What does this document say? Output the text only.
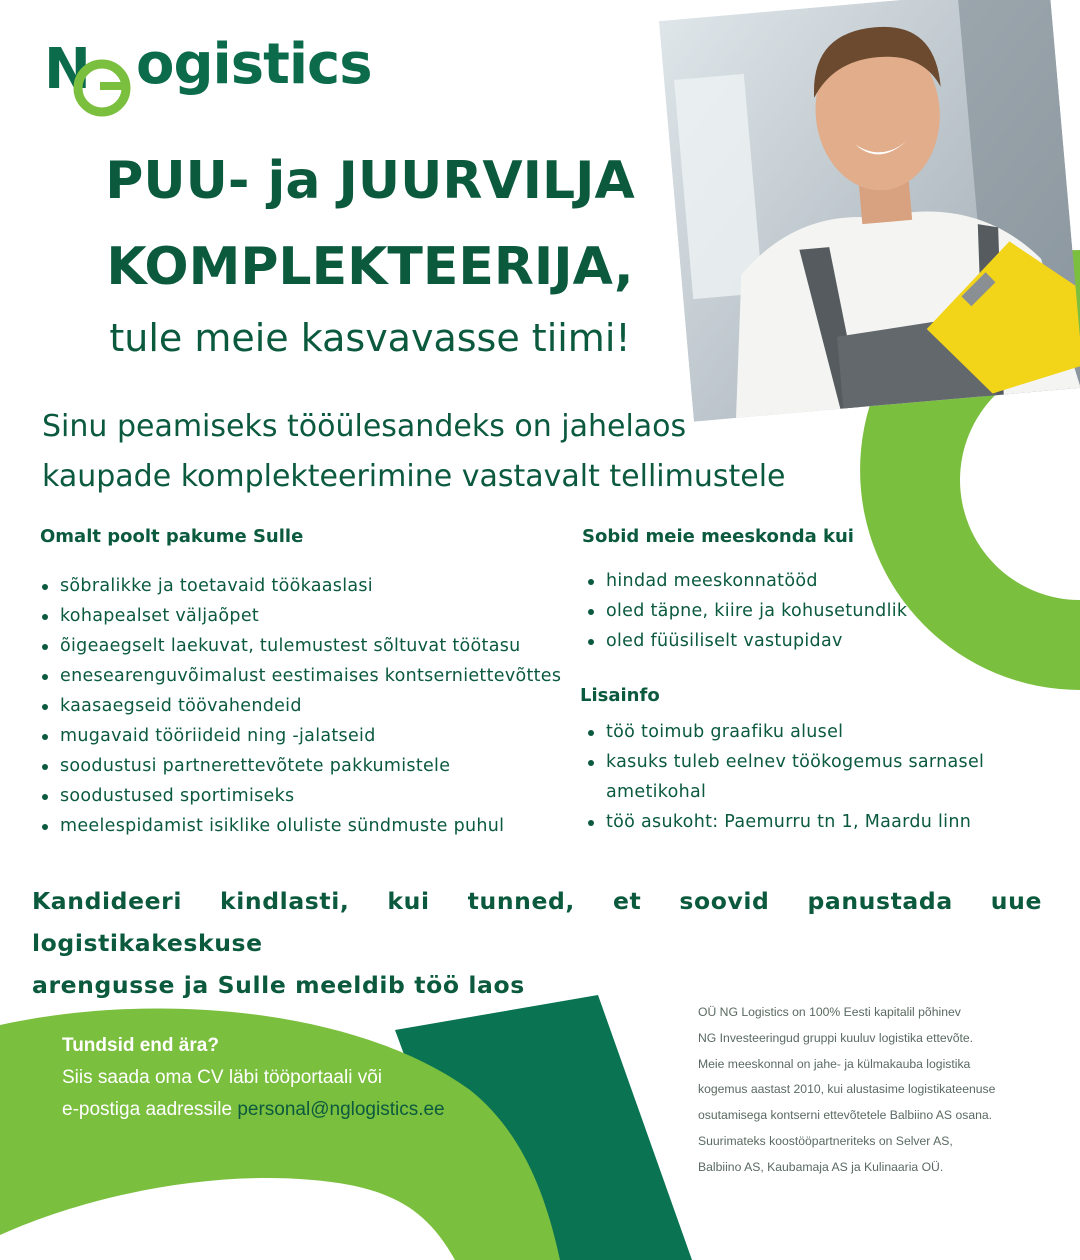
N ogistics
PUU- ja JUURVILJA
KOMPLEKTEERIJA,
tule meie kasvavasse tiimi!
Sinu peamiseks tööülesandeks on jahelaos
kaupade komplekteerimine vastavalt tellimustele
Omalt poolt pakume Sulle
sõbralikke ja toetavaid töökaaslasi
kohapealset väljaõpet
õigeaegselt laekuvat, tulemustest sõltuvat töötasu
enesearenguvõimalust eestimaises kontserniettevõttes
kaasaegseid töövahendeid
mugavaid tööriideid ning -jalatseid
soodustusi partnerettevõtete pakkumistele
soodustused sportimiseks
meelespidamist isiklike oluliste sündmuste puhul
Sobid meie meeskonda kui
hindad meeskonnatööd
oled täpne, kiire ja kohusetundlik
oled füüsiliselt vastupidav
Lisainfo
töö toimub graafiku alusel
kasuks tuleb eelnev töökogemus sarnasel ametikohal
töö asukoht: Paemurru tn 1, Maardu linn
Kandideeri kindlasti, kui tunned, et soovid panustada uue logistikakeskuse
arengusse ja Sulle meeldib töö laos
Tundsid end ära?
Siis saada oma CV läbi tööportaali või
e-postiga aadressile personal@nglogistics.ee
OÜ NG Logistics on 100% Eesti kapitalil põhinev
NG Investeeringud gruppi kuuluv logistika ettevõte.
Meie meeskonnal on jahe- ja külmakauba logistika
kogemus aastast 2010, kui alustasime logistikateenuse
osutamisega kontserni ettevõtetele Balbiino AS osana.
Suurimateks koostööpartneriteks on Selver AS,
Balbiino AS, Kaubamaja AS ja Kulinaaria OÜ.
